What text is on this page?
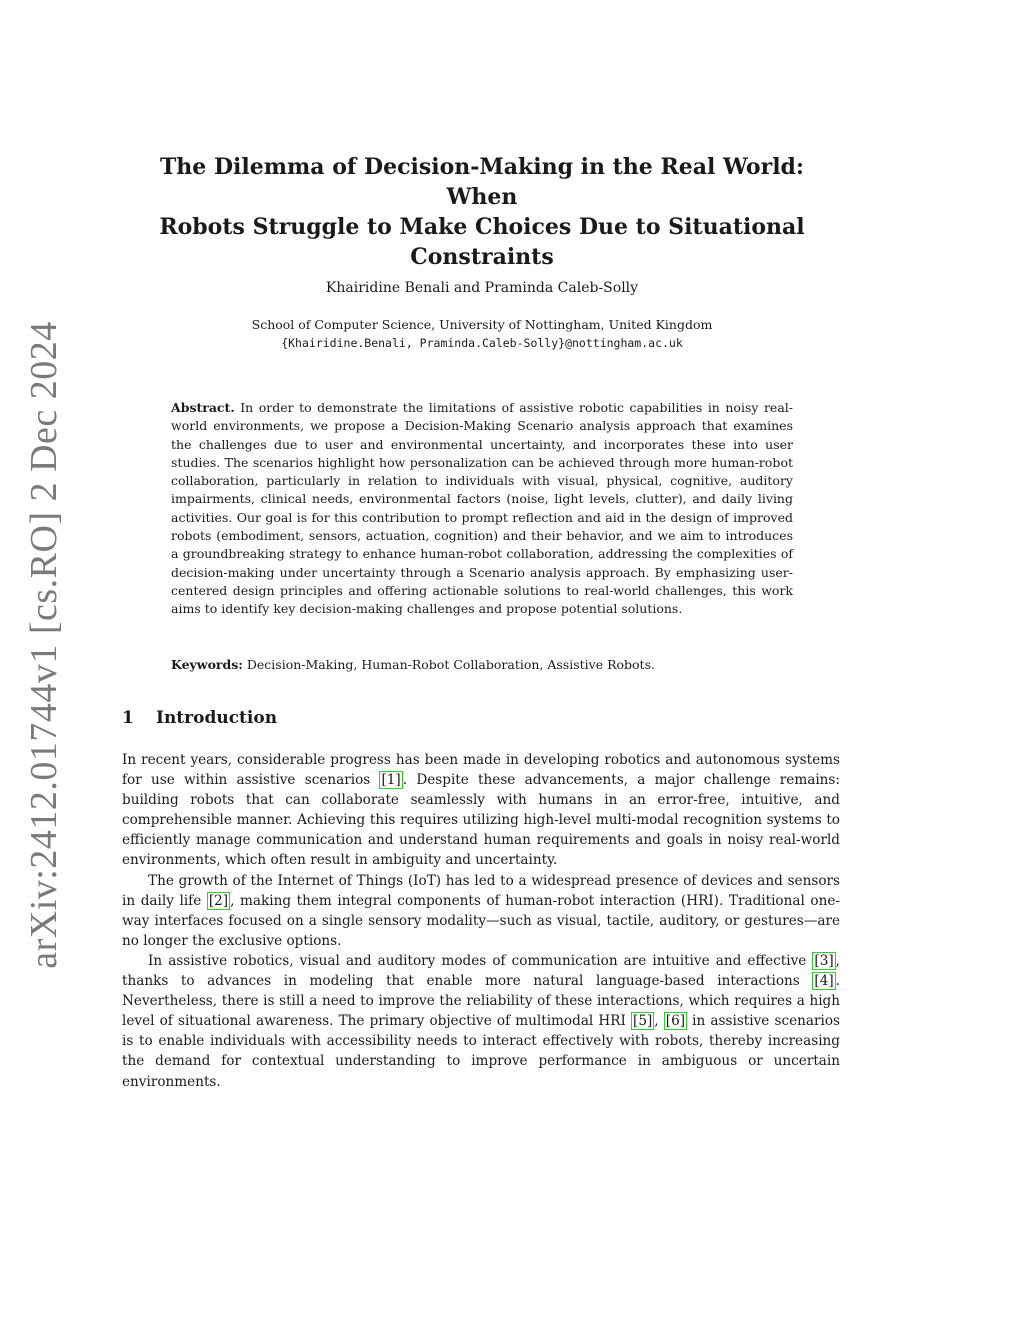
arXiv:2412.01744v1 [cs.RO] 2 Dec 2024
The Dilemma of Decision-Making in the Real World: When
Robots Struggle to Make Choices Due to Situational
Constraints
Khairidine Benali and Praminda Caleb-Solly
School of Computer Science, University of Nottingham, United Kingdom
{Khairidine.Benali, Praminda.Caleb-Solly}@nottingham.ac.uk
Abstract. In order to demonstrate the limitations of assistive robotic capabilities in noisy real-world environments, we propose a Decision-Making Scenario analysis approach that examines the challenges due to user and environmental uncertainty, and incorporates these into user studies. The scenarios highlight how personalization can be achieved through more human-robot collaboration, particularly in relation to individuals with visual, physical, cognitive, auditory impairments, clinical needs, environmental factors (noise, light levels, clutter), and daily living activities. Our goal is for this contribution to prompt reflection and aid in the design of improved robots (embodiment, sensors, actuation, cognition) and their behavior, and we aim to introduces a groundbreaking strategy to enhance human-robot collaboration, addressing the complexities of decision-making under uncertainty through a Scenario analysis approach. By emphasizing user-centered design principles and offering actionable solutions to real-world challenges, this work aims to identify key decision-making challenges and propose potential solutions.
Keywords: Decision-Making, Human-Robot Collaboration, Assistive Robots.
1 Introduction

In recent years, considerable progress has been made in developing robotics and autonomous systems for use within assistive scenarios [1] . Despite these advancements, a major challenge remains: building robots that can collaborate seamlessly with humans in an error-free, intuitive, and comprehensible manner. Achieving this requires utilizing high-level multi-modal recognition systems to efficiently manage communication and understand human requirements and goals in noisy real-world environments, which often result in ambiguity and uncertainty.

The growth of the Internet of Things (IoT) has led to a widespread presence of devices and sensors in daily life [2] , making them integral components of human-robot interaction (HRI). Traditional one-way interfaces focused on a single sensory modality—such as visual, tactile, auditory, or gestures—are no longer the exclusive options.

In assistive robotics, visual and auditory modes of communication are intuitive and effective [3] , thanks to advances in modeling that enable more natural language-based interactions [4] . Nevertheless, there is still a need to improve the reliability of these interactions, which requires a high level of situational awareness. The primary objective of multimodal HRI [5] , [6] in assistive scenarios is to enable individuals with accessibility needs to interact effectively with robots, thereby increasing the demand for contextual understanding to improve performance in ambiguous or uncertain environments.
